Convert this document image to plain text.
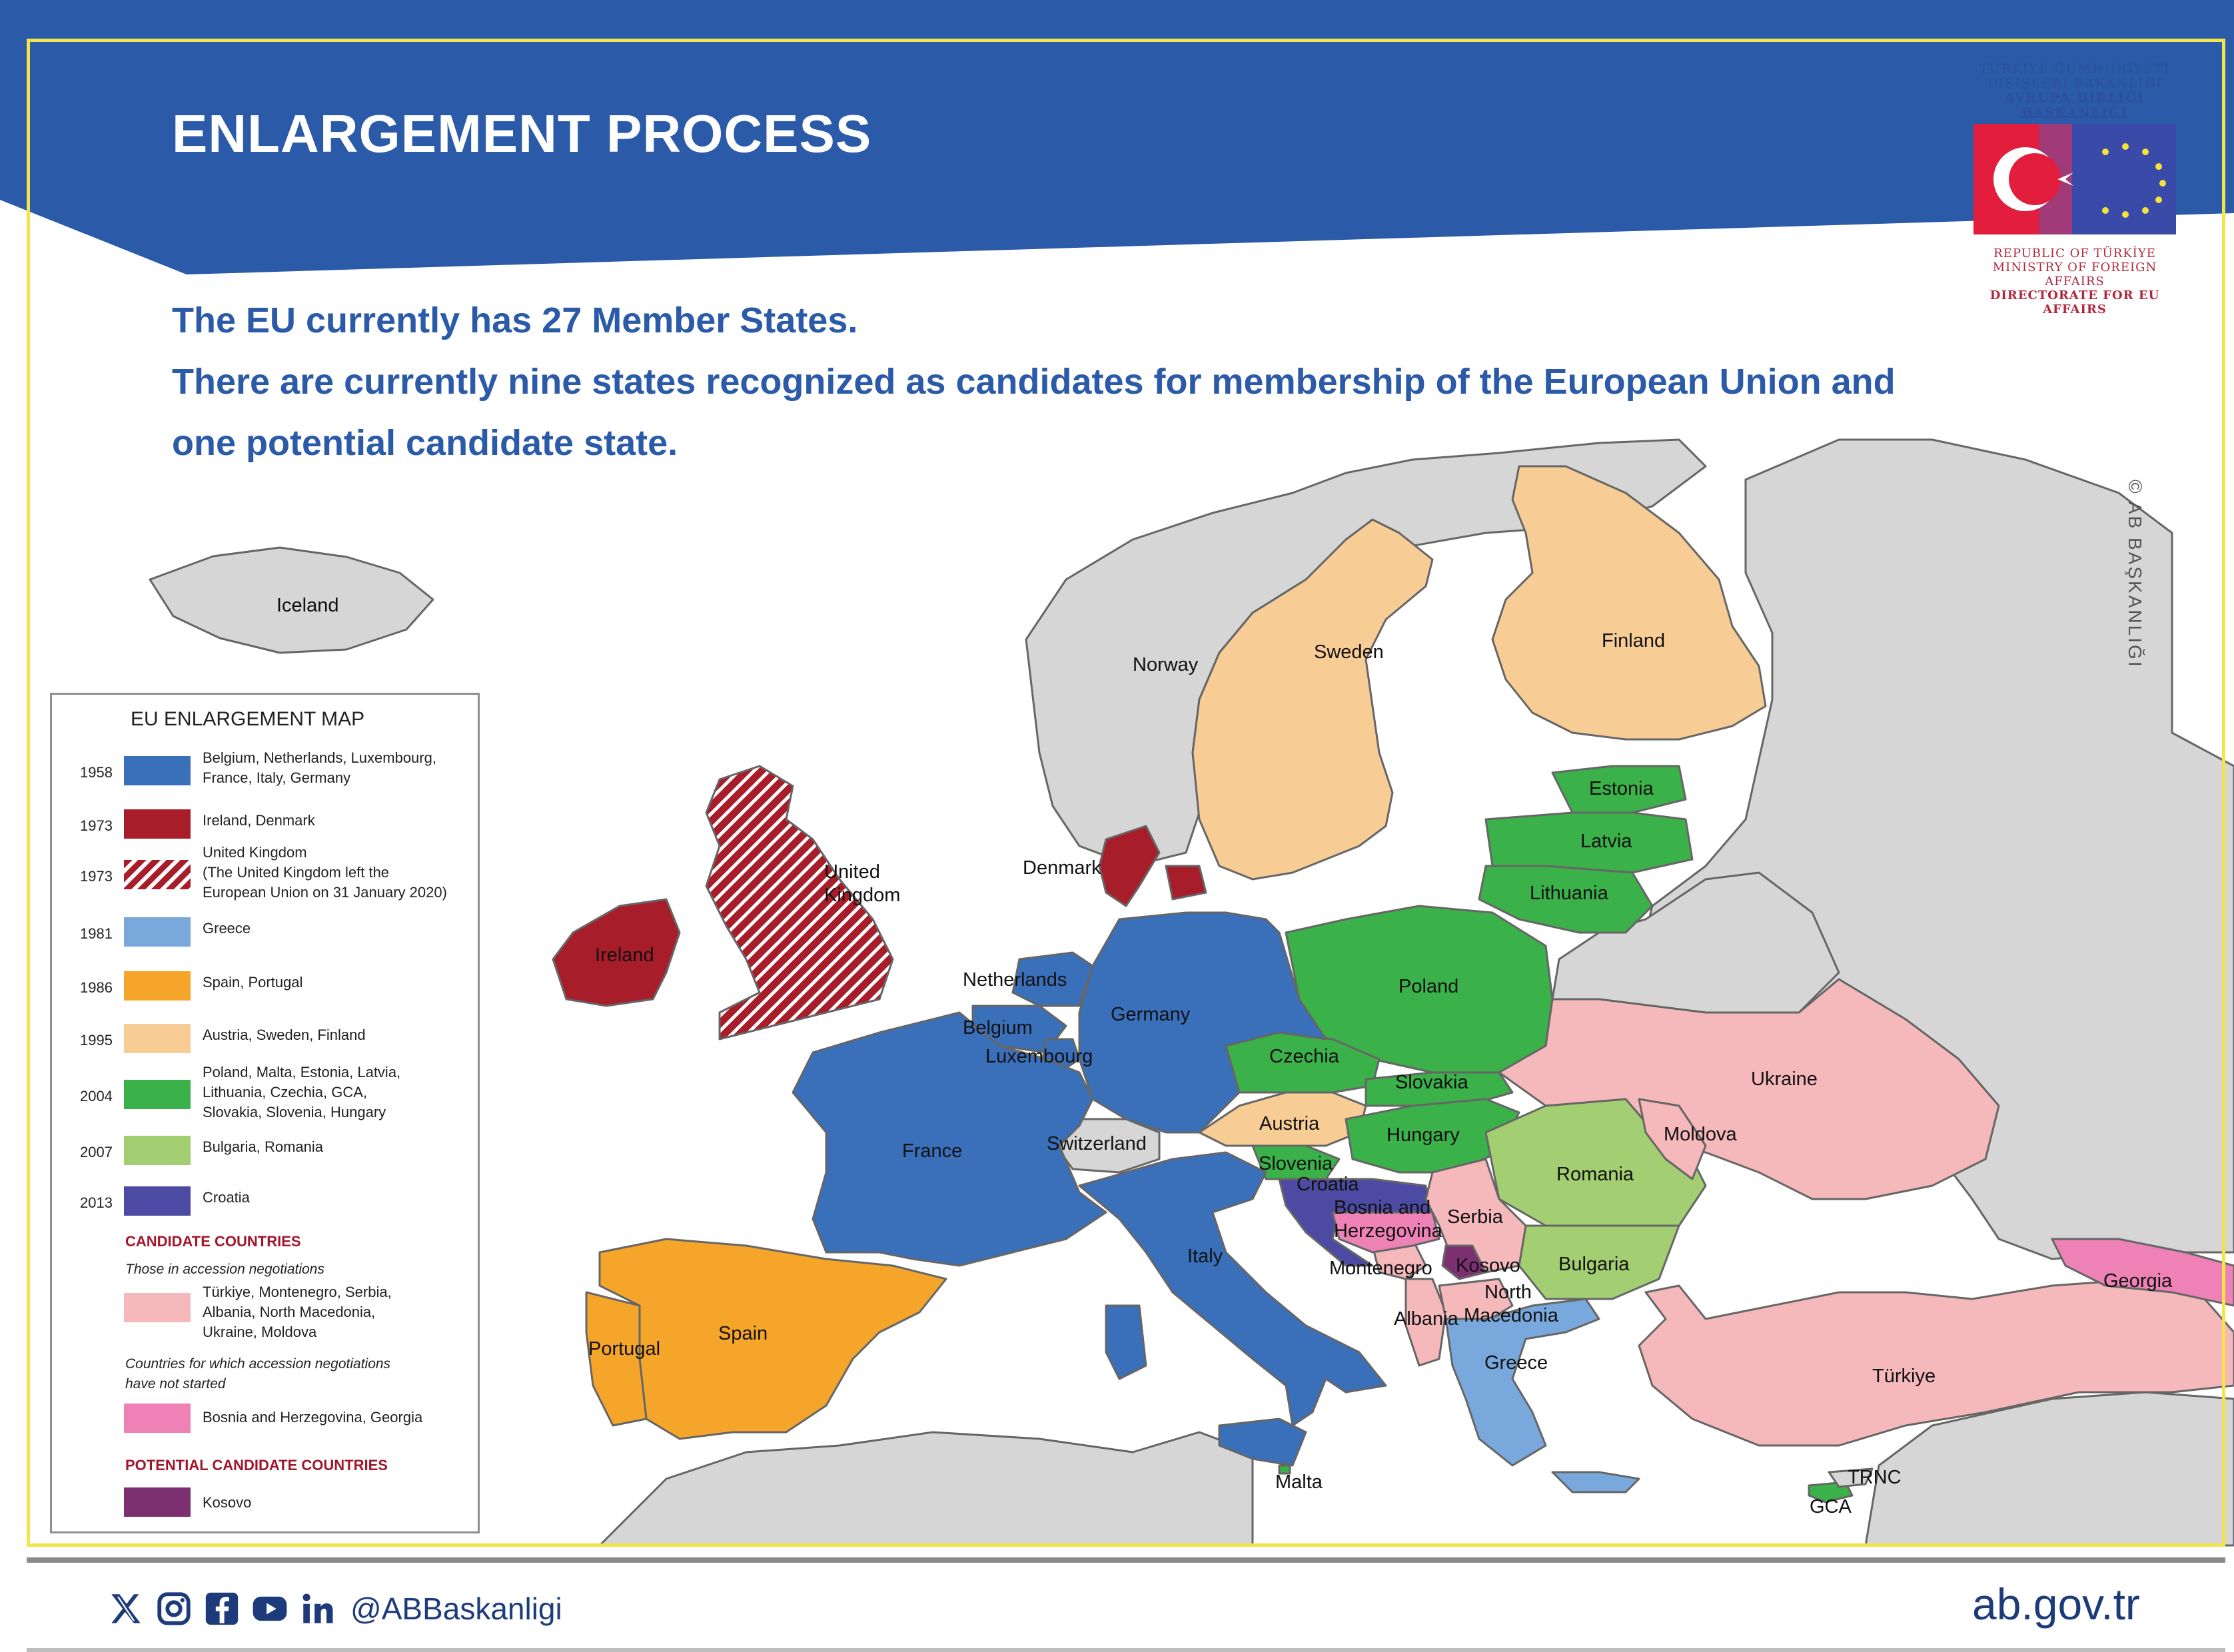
ENLARGEMENT PROCESS
The EU currently has 27 Member States.
There are currently nine states recognized as candidates for membership of the European Union and
one potential candidate state.
TÜRKİYE CUMHURİYETİ
DIŞİŞLERİ BAKANLIĞI
AVRUPA BİRLİĞİ BAŞKANLIĞI
REPUBLIC OF TÜRKİYE
MINISTRY OF FOREIGN AFFAIRS
DIRECTORATE FOR EU AFFAIRS
© AB BAŞKANLIĞI
Iceland
Norway
Sweden
Finland
Estonia
Latvia
Lithuania
Denmark
United
Kingdom
Ireland
Netherlands
Belgium
Luxembourg
Germany
Poland
Czechia
Slovakia	Ukraine
Austria
Hungary	Moldova
France	Switzerland
Slovenia
Croatia
Bosnia and
Herzegovina
Serbia
Romania
Montenegro Kosovo
North
Macedonia
Albania
Bulgaria
Georgia
Italy
Spain
Portugal
Greece
Türkiye
Malta	TRNC
GCA
EU ENLARGEMENT MAP
1958
Belgium, Netherlands, Luxembourg,
France, Italy, Germany
1973	Ireland, Denmark
1973
United Kingdom
(The United Kingdom left the
European Union on 31 January 2020)
1981	Greece
1986	Spain, Portugal
1995	Austria, Sweden, Finland
2004
Poland, Malta, Estonia, Latvia,
Lithuania, Czechia, GCA,
Slovakia, Slovenia, Hungary
2007	Bulgaria, Romania
2013	Croatia
CANDIDATE COUNTRIES
Those in accession negotiations
Türkiye, Montenegro, Serbia,
Albania, North Macedonia,
Ukraine, Moldova
Countries for which accession negotiations
have not started
Bosnia and Herzegovina, Georgia
POTENTIAL CANDIDATE COUNTRIES
Kosovo
@ABBaskanligi	ab.gov.tr
